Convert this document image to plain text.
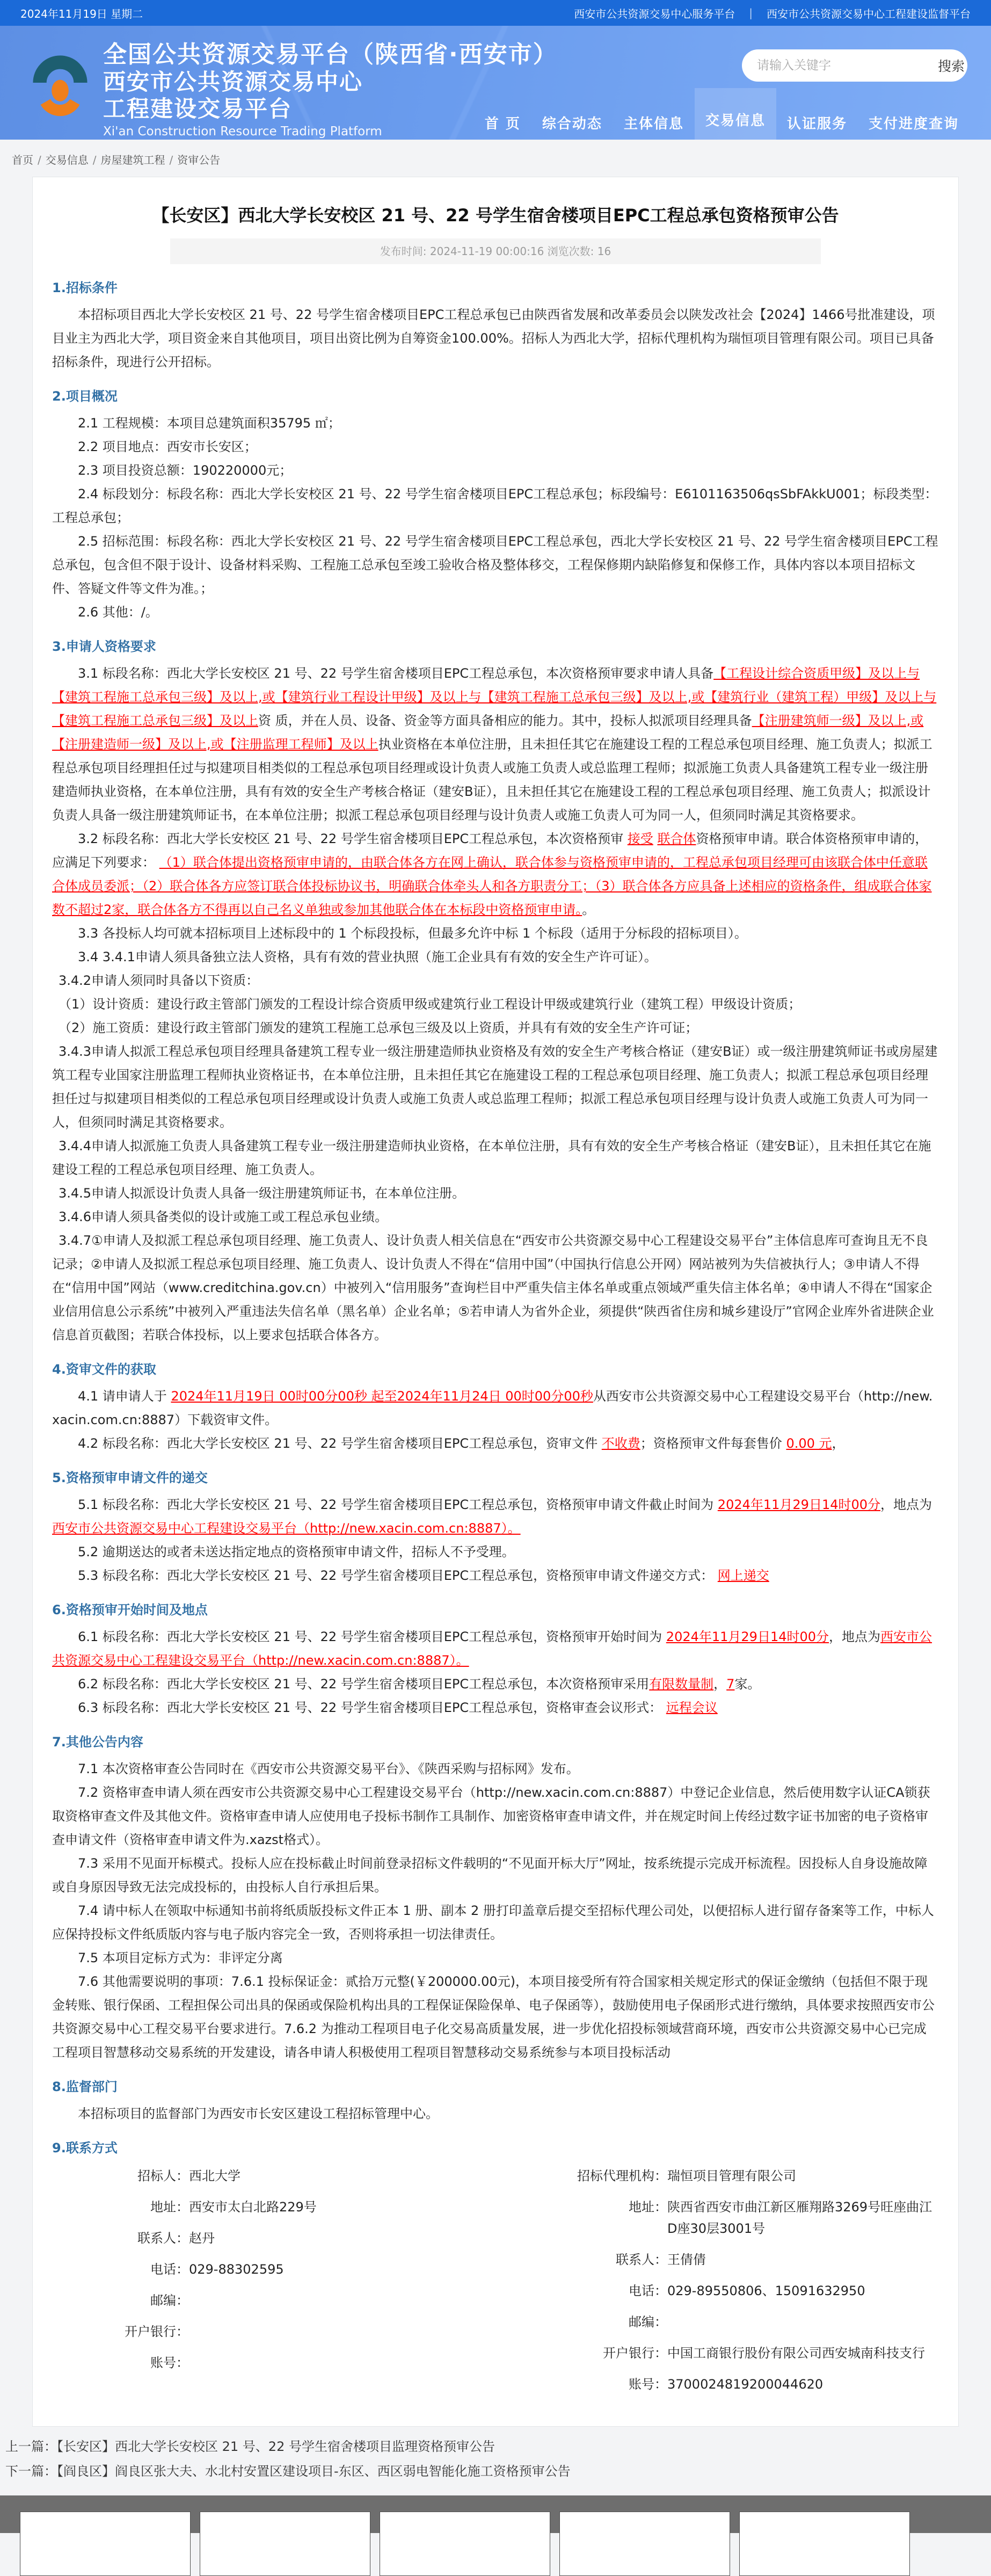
2024年11月19日 星期二	西安市公共资源交易中心服务平台 | 西安市公共资源交易中心工程建设监督平台
全国公共资源交易平台（陕西省·西安市）
西安市公共资源交易中心
工程建设交易平台
Xi'an Construction Resource Trading Platform
请输入关键字
搜索
首 页	综合动态	主体信息	交易信息	认证服务	支付进度查询
首页 / 交易信息 / 房屋建筑工程 / 资审公告
【长安区】西北大学长安校区 21 号、22 号学生宿舍楼项目EPC工程总承包资格预审公告
发布时间: 2024-11-19 00:00:16 浏览次数: 16
1.招标条件

本招标项目西北大学长安校区 21 号、22 号学生宿舍楼项目EPC工程总承包已由陕西省发展和改革委员会以陕发改社会【2024】1466号批准建设，项目业主为西北大学，项目资金来自其他项目，项目出资比例为自筹资金100.00%。招标人为西北大学，招标代理机构为瑞恒项目管理有限公司。项目已具备招标条件，现进行公开招标。

2.项目概况

2.1 工程规模：本项目总建筑面积35795 ㎡；

2.2 项目地点：西安市长安区；

2.3 项目投资总额：190220000元；

2.4 标段划分：标段名称：西北大学长安校区 21 号、22 号学生宿舍楼项目EPC工程总承包；标段编号：E6101163506qsSbFAkkU001；标段类型：工程总承包；

2.5 招标范围：标段名称：西北大学长安校区 21 号、22 号学生宿舍楼项目EPC工程总承包，西北大学长安校区 21 号、22 号学生宿舍楼项目EPC工程总承包，包含但不限于设计、设备材料采购、工程施工总承包至竣工验收合格及整体移交，工程保修期内缺陷修复和保修工作，具体内容以本项目招标文件、答疑文件等文件为准。；

2.6 其他：/。

3.申请人资格要求

3.1 标段名称：西北大学长安校区 21 号、22 号学生宿舍楼项目EPC工程总承包，本次资格预审要求申请人具备【工程设计综合资质甲级】及以上与【建筑工程施工总承包三级】及以上,或【建筑行业工程设计甲级】及以上与【建筑工程施工总承包三级】及以上,或【建筑行业（建筑工程）甲级】及以上与【建筑工程施工总承包三级】及以上资 质，并在人员、设备、资金等方面具备相应的能力。其中，投标人拟派项目经理具备【注册建筑师一级】及以上,或【注册建造师一级】及以上,或【注册监理工程师】及以上执业资格在本单位注册，且未担任其它在施建设工程的工程总承包项目经理、施工负责人；拟派工程总承包项目经理担任过与拟建项目相类似的工程总承包项目经理或设计负责人或施工负责人或总监理工程师；拟派施工负责人具备建筑工程专业一级注册建造师执业资格，在本单位注册，具有有效的安全生产考核合格证（建安B证），且未担任其它在施建设工程的工程总承包项目经理、施工负责人；拟派设计负责人具备一级注册建筑师证书，在本单位注册；拟派工程总承包项目经理与设计负责人或施工负责人可为同一人，但须同时满足其资格要求。

3.2 标段名称：西北大学长安校区 21 号、22 号学生宿舍楼项目EPC工程总承包，本次资格预审 接受 联合体资格预审申请。联合体资格预审申请的，应满足下列要求： （1）联合体提出资格预审申请的，由联合体各方在网上确认，联合体参与资格预审申请的，工程总承包项目经理可由该联合体中任意联合体成员委派；（2）联合体各方应签订联合体投标协议书，明确联合体牵头人和各方职责分工；（3）联合体各方应具备上述相应的资格条件，组成联合体家数不超过2家，联合体各方不得再以自己名义单独或参加其他联合体在本标段中资格预审申请。。

3.3 各投标人均可就本招标项目上述标段中的 1 个标段投标，但最多允许中标 1 个标段（适用于分标段的招标项目）。

3.4 3.4.1申请人须具备独立法人资格，具有有效的营业执照（施工企业具有有效的安全生产许可证）。

3.4.2申请人须同时具备以下资质：

（1）设计资质：建设行政主管部门颁发的工程设计综合资质甲级或建筑行业工程设计甲级或建筑行业（建筑工程）甲级设计资质；

（2）施工资质：建设行政主管部门颁发的建筑工程施工总承包三级及以上资质，并具有有效的安全生产许可证；

3.4.3申请人拟派工程总承包项目经理具备建筑工程专业一级注册建造师执业资格及有效的安全生产考核合格证（建安B证）或一级注册建筑师证书或房屋建筑工程专业国家注册监理工程师执业资格证书，在本单位注册，且未担任其它在施建设工程的工程总承包项目经理、施工负责人；拟派工程总承包项目经理担任过与拟建项目相类似的工程总承包项目经理或设计负责人或施工负责人或总监理工程师；拟派工程总承包项目经理与设计负责人或施工负责人可为同一人，但须同时满足其资格要求。

3.4.4申请人拟派施工负责人具备建筑工程专业一级注册建造师执业资格，在本单位注册，具有有效的安全生产考核合格证（建安B证），且未担任其它在施建设工程的工程总承包项目经理、施工负责人。

3.4.5申请人拟派设计负责人具备一级注册建筑师证书，在本单位注册。

3.4.6申请人须具备类似的设计或施工或工程总承包业绩。

3.4.7①申请人及拟派工程总承包项目经理、施工负责人、设计负责人相关信息在“西安市公共资源交易中心工程建设交易平台”主体信息库可查询且无不良记录；②申请人及拟派工程总承包项目经理、施工负责人、设计负责人不得在“信用中国”（中国执行信息公开网）网站被列为失信被执行人；③申请人不得在“信用中国”网站（www.creditchina.gov.cn）中被列入“信用服务”查询栏目中严重失信主体名单或重点领域严重失信主体名单；④申请人不得在“国家企业信用信息公示系统”中被列入严重违法失信名单（黑名单）企业名单；⑤若申请人为省外企业，须提供“陕西省住房和城乡建设厅”官网企业库外省进陕企业信息首页截图；若联合体投标，以上要求包括联合体各方。

4.资审文件的获取

4.1 请申请人于 2024年11月19日 00时00分00秒 起至2024年11月24日 00时00分00秒从西安市公共资源交易中心工程建设交易平台（http://new.xacin.com.cn:8887）下载资审文件。

4.2 标段名称：西北大学长安校区 21 号、22 号学生宿舍楼项目EPC工程总承包，资审文件 不收费；资格预审文件每套售价 0.00 元，

5.资格预审申请文件的递交

5.1 标段名称：西北大学长安校区 21 号、22 号学生宿舍楼项目EPC工程总承包，资格预审申请文件截止时间为 2024年11月29日14时00分，地点为西安市公共资源交易中心工程建设交易平台（http://new.xacin.com.cn:8887）。

5.2 逾期送达的或者未送达指定地点的资格预审申请文件，招标人不予受理。

5.3 标段名称：西北大学长安校区 21 号、22 号学生宿舍楼项目EPC工程总承包，资格预审申请文件递交方式： 网上递交

6.资格预审开始时间及地点

6.1 标段名称：西北大学长安校区 21 号、22 号学生宿舍楼项目EPC工程总承包，资格预审开始时间为 2024年11月29日14时00分，地点为西安市公共资源交易中心工程建设交易平台（http://new.xacin.com.cn:8887）。

6.2 标段名称：西北大学长安校区 21 号、22 号学生宿舍楼项目EPC工程总承包，本次资格预审采用有限数量制，7家。

6.3 标段名称：西北大学长安校区 21 号、22 号学生宿舍楼项目EPC工程总承包，资格审查会议形式： 远程会议

7.其他公告内容

7.1 本次资格审查公告同时在《西安市公共资源交易平台》、《陕西采购与招标网》发布。

7.2 资格审查申请人须在西安市公共资源交易中心工程建设交易平台（http://new.xacin.com.cn:8887）中登记企业信息，然后使用数字认证CA锁获取资格审查文件及其他文件。资格审查申请人应使用电子投标书制作工具制作、加密资格审查申请文件，并在规定时间上传经过数字证书加密的电子资格审查申请文件（资格审查申请文件为.xazst格式）。

7.3 采用不见面开标模式。投标人应在投标截止时间前登录招标文件载明的“不见面开标大厅”网址，按系统提示完成开标流程。因投标人自身设施故障或自身原因导致无法完成投标的，由投标人自行承担后果。

7.4 请中标人在领取中标通知书前将纸质版投标文件正本 1 册、副本 2 册打印盖章后提交至招标代理公司处，以便招标人进行留存备案等工作，中标人应保持投标文件纸质版内容与电子版内容完全一致，否则将承担一切法律责任。

7.5 本项目定标方式为：非评定分离

7.6 其他需要说明的事项：7.6.1 投标保证金：贰拾万元整(￥200000.00元)，本项目接受所有符合国家相关规定形式的保证金缴纳（包括但不限于现金转账、银行保函、工程担保公司出具的保函或保险机构出具的工程保证保险保单、电子保函等），鼓励使用电子保函形式进行缴纳，具体要求按照西安市公共资源交易中心工程交易平台要求进行。7.6.2 为推动工程项目电子化交易高质量发展，进一步优化招投标领域营商环境，西安市公共资源交易中心已完成工程项目智慧移动交易系统的开发建设，请各申请人积极使用工程项目智慧移动交易系统参与本项目投标活动

8.监督部门

本招标项目的监督部门为西安市长安区建设工程招标管理中心。

9.联系方式
招标人： 西北大学
地址： 西安市太白北路229号
联系人： 赵丹
电话： 029-88302595
邮编：
开户银行：
账号：
招标代理机构： 瑞恒项目管理有限公司
地址： 陕西省西安市曲江新区雁翔路3269号旺座曲江D座30层3001号
联系人： 王倩倩
电话： 029-89550806、15091632950
邮编：
开户银行： 中国工商银行股份有限公司西安城南科技支行
账号： 3700024819200044620
上一篇：【长安区】西北大学长安校区 21 号、22 号学生宿舍楼项目监理资格预审公告
下一篇：【阎良区】阎良区张大夫、水北村安置区建设项目-东区、西区弱电智能化施工资格预审公告
